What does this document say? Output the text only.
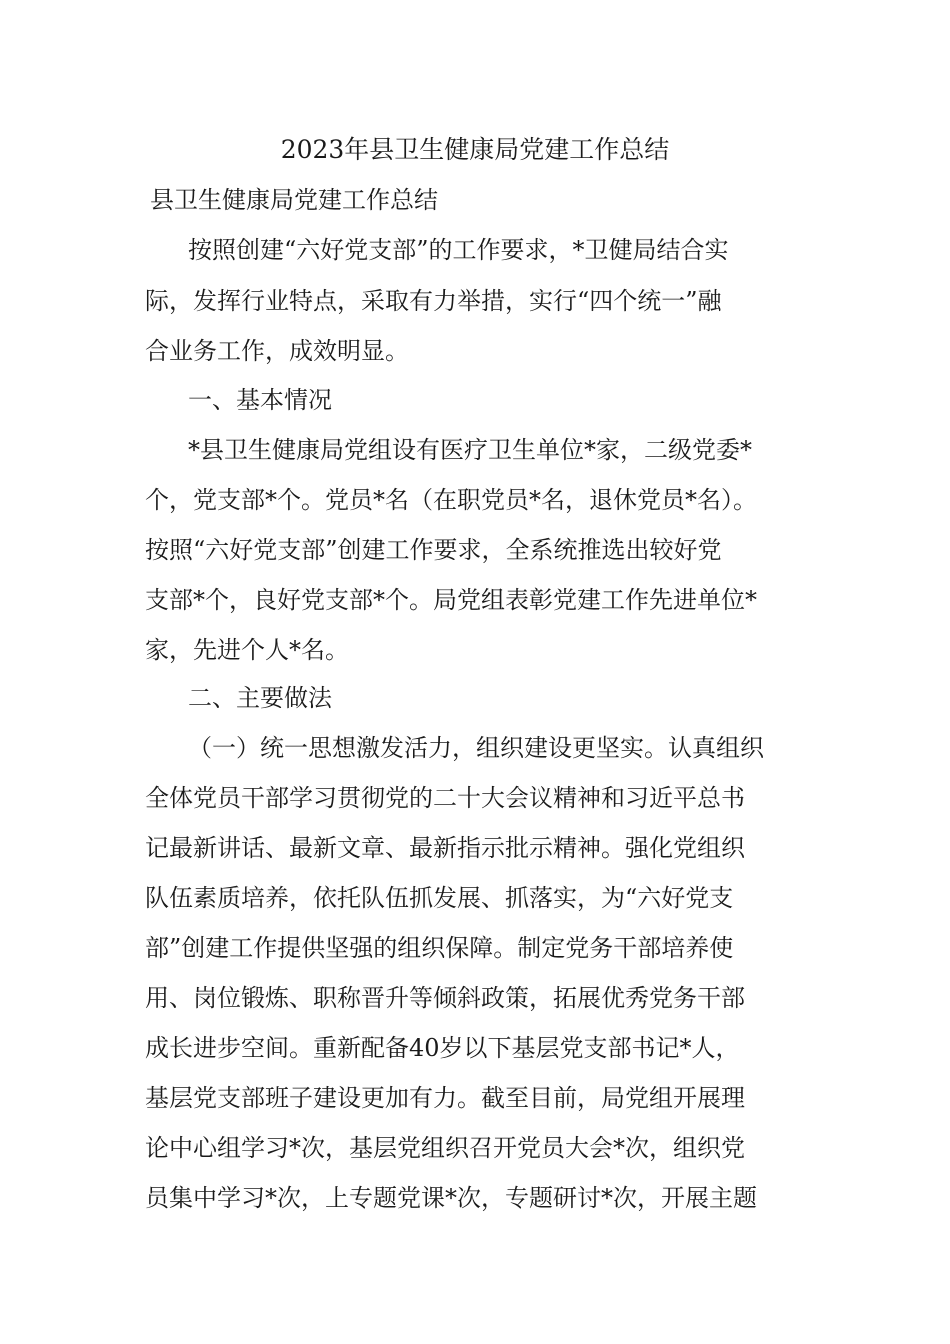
2023年县卫生健康局党建工作总结
县卫生健康局党建工作总结
按照创建“六好党支部”的工作要求，*卫健局结合实
际，发挥行业特点，采取有力举措，实行“四个统一”融
合业务工作，成效明显。
一、基本情况
*县卫生健康局党组设有医疗卫生单位*家，二级党委*
个，党支部*个。党员*名（在职党员*名，退休党员*名）。
按照“六好党支部”创建工作要求，全系统推选出较好党
支部*个，良好党支部*个。局党组表彰党建工作先进单位*
家，先进个人*名。
二、主要做法
（一）统一思想激发活力，组织建设更坚实。认真组织
全体党员干部学习贯彻党的二十大会议精神和习近平总书
记最新讲话、最新文章、最新指示批示精神。强化党组织
队伍素质培养，依托队伍抓发展、抓落实，为“六好党支
部”创建工作提供坚强的组织保障。制定党务干部培养使
用、岗位锻炼、职称晋升等倾斜政策，拓展优秀党务干部
成长进步空间。重新配备40岁以下基层党支部书记*人，
基层党支部班子建设更加有力。截至目前，局党组开展理
论中心组学习*次，基层党组织召开党员大会*次，组织党
员集中学习*次，上专题党课*次，专题研讨*次，开展主题
